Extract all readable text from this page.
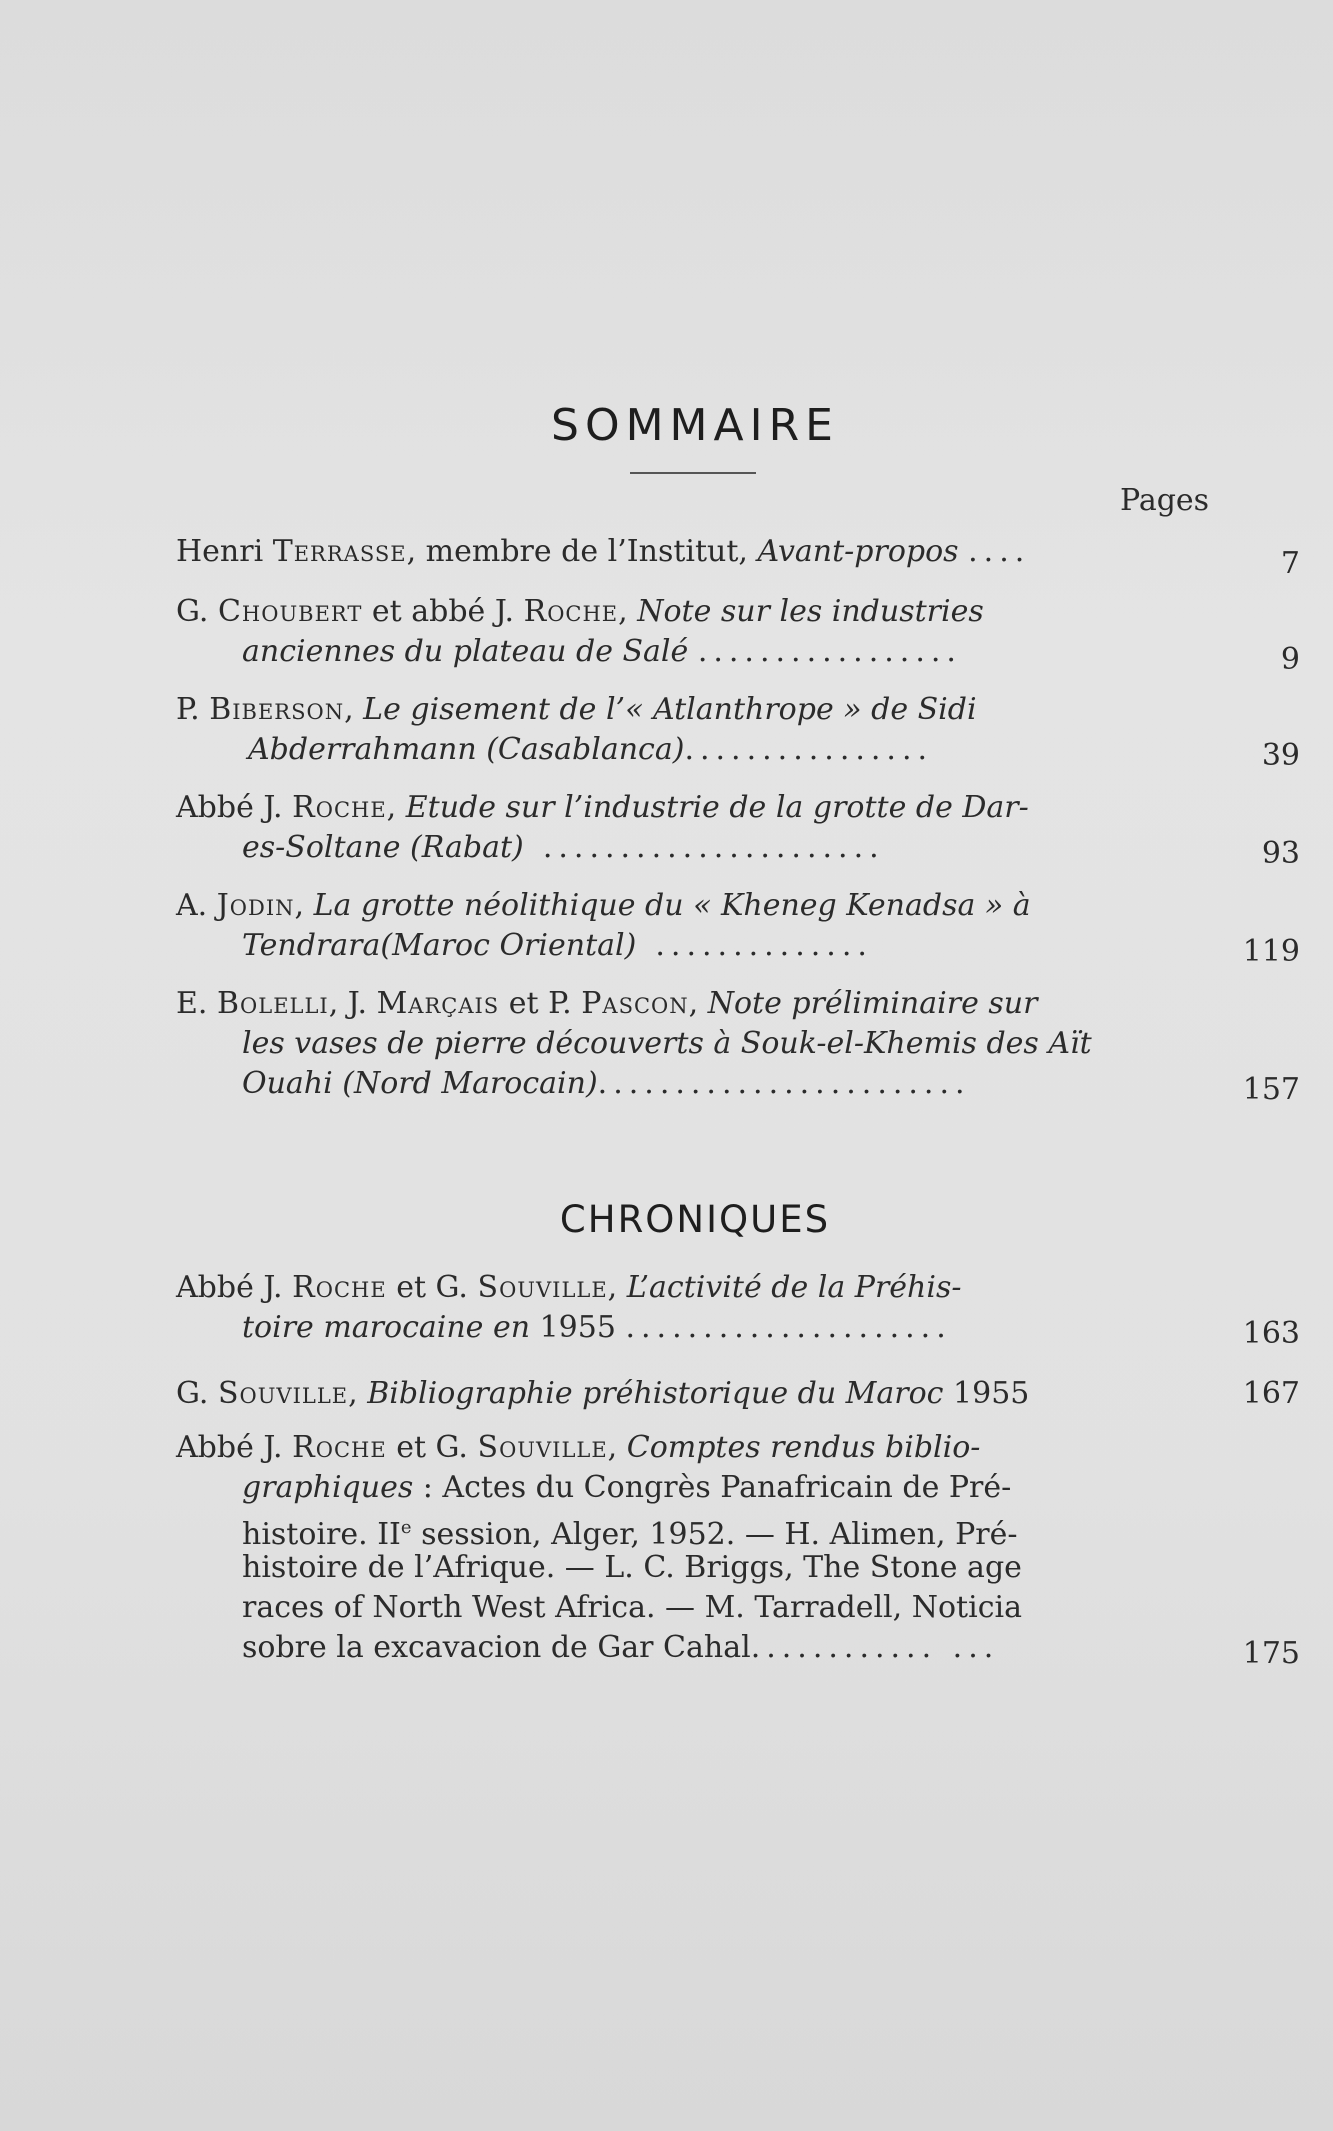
SOMMAIRE
Pages
Henri Terrasse, membre de l’Institut, Avant-propos ....	7
G. Choubert et abbé J. Roche, Note sur les industries
anciennes du plateau de Salé .................	9
P. Biberson, Le gisement de l’« Atlanthrope » de Sidi
Abderrahmann (Casablanca)................	39
Abbé J. Roche, Etude sur l’industrie de la grotte de Dar-
es-Soltane (Rabat) ......................	93
A. Jodin, La grotte néolithique du « Kheneg Kenadsa » à
Tendrara(Maroc Oriental) ..............	119
E. Bolelli, J. Marçais et P. Pascon, Note préliminaire sur
les vases de pierre découverts à Souk-el-Khemis des Aït
Ouahi (Nord Marocain)........................	157
CHRONIQUES
Abbé J. Roche et G. Souville, L’activité de la Préhis-
toire marocaine en 1955 .....................	163
G. Souville, Bibliographie préhistorique du Maroc 1955	167
Abbé J. Roche et G. Souville, Comptes rendus biblio-
graphiques : Actes du Congrès Panafricain de Pré-
histoire. IIe session, Alger, 1952. — H. Alimen, Pré-
histoire de l’Afrique. — L. C. Briggs, The Stone age
races of North West Africa. — M. Tarradell, Noticia
sobre la excavacion de Gar Cahal............ ...	175
